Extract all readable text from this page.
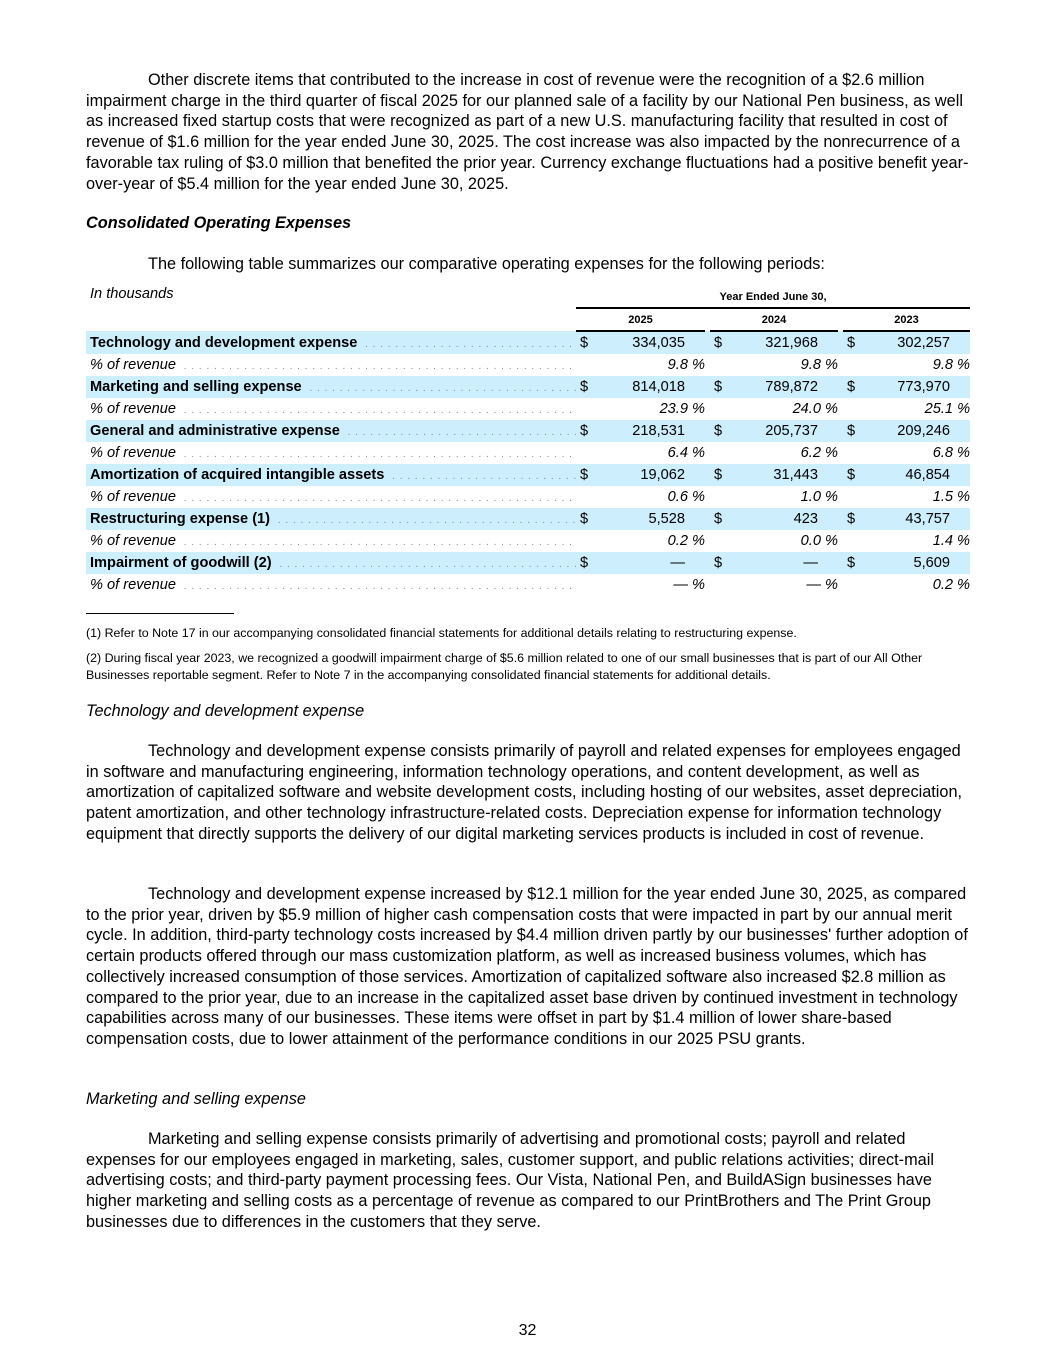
Other discrete items that contributed to the increase in cost of revenue were the recognition of a $2.6 million impairment charge in the third quarter of fiscal 2025 for our planned sale of a facility by our National Pen business, as well as increased fixed startup costs that were recognized as part of a new U.S. manufacturing facility that resulted in cost of revenue of $1.6 million for the year ended June 30, 2025. The cost increase was also impacted by the nonrecurrence of a favorable tax ruling of $3.0 million that benefited the prior year. Currency exchange fluctuations had a positive benefit year-over-year of $5.4 million for the year ended June 30, 2025.

Consolidated Operating Expenses

The following table summarizes our comparative operating expenses for the following periods:

In thousands	Year Ended June 30,				
	2025		2024		2023
Technology and development expense . . .	$ 334,035		$ 321,968		$ 302,257

% of revenue . . .	9.8 %		9.8 %		9.8 %
Marketing and selling expense . . .	$ 814,018		$ 789,872		$ 773,970

% of revenue . . .	23.9 %		24.0 %		25.1 %
General and administrative expense . . .	$ 218,531		$ 205,737		$ 209,246

% of revenue . . .	6.4 %		6.2 %		6.8 %
Amortization of acquired intangible assets . . .	$ 19,062		$ 31,443		$ 46,854

% of revenue . . .	0.6 %		1.0 %		1.5 %
Restructuring expense (1) . . .	$ 5,528		$ 423		$ 43,757

% of revenue . . .	0.2 %		0.0 %		1.4 %
Impairment of goodwill (2) . . .	$ —		$ —		$ 5,609

% of revenue . . .	— %		— %		0.2 %

(1) Refer to Note 17 in our accompanying consolidated financial statements for additional details relating to restructuring expense.

(2) During fiscal year 2023, we recognized a goodwill impairment charge of $5.6 million related to one of our small businesses that is part of our All Other Businesses reportable segment. Refer to Note 7 in the accompanying consolidated financial statements for additional details.

Technology and development expense

Technology and development expense consists primarily of payroll and related expenses for employees engaged in software and manufacturing engineering, information technology operations, and content development, as well as amortization of capitalized software and website development costs, including hosting of our websites, asset depreciation, patent amortization, and other technology infrastructure-related costs. Depreciation expense for information technology equipment that directly supports the delivery of our digital marketing services products is included in cost of revenue.

Technology and development expense increased by $12.1 million for the year ended June 30, 2025, as compared to the prior year, driven by $5.9 million of higher cash compensation costs that were impacted in part by our annual merit cycle. In addition, third-party technology costs increased by $4.4 million driven partly by our businesses' further adoption of certain products offered through our mass customization platform, as well as increased business volumes, which has collectively increased consumption of those services. Amortization of capitalized software also increased $2.8 million as compared to the prior year, due to an increase in the capitalized asset base driven by continued investment in technology capabilities across many of our businesses. These items were offset in part by $1.4 million of lower share-based compensation costs, due to lower attainment of the performance conditions in our 2025 PSU grants.

Marketing and selling expense

Marketing and selling expense consists primarily of advertising and promotional costs; payroll and related expenses for our employees engaged in marketing, sales, customer support, and public relations activities; direct-mail advertising costs; and third-party payment processing fees. Our Vista, National Pen, and BuildASign businesses have higher marketing and selling costs as a percentage of revenue as compared to our PrintBrothers and The Print Group businesses due to differences in the customers that they serve.

32
